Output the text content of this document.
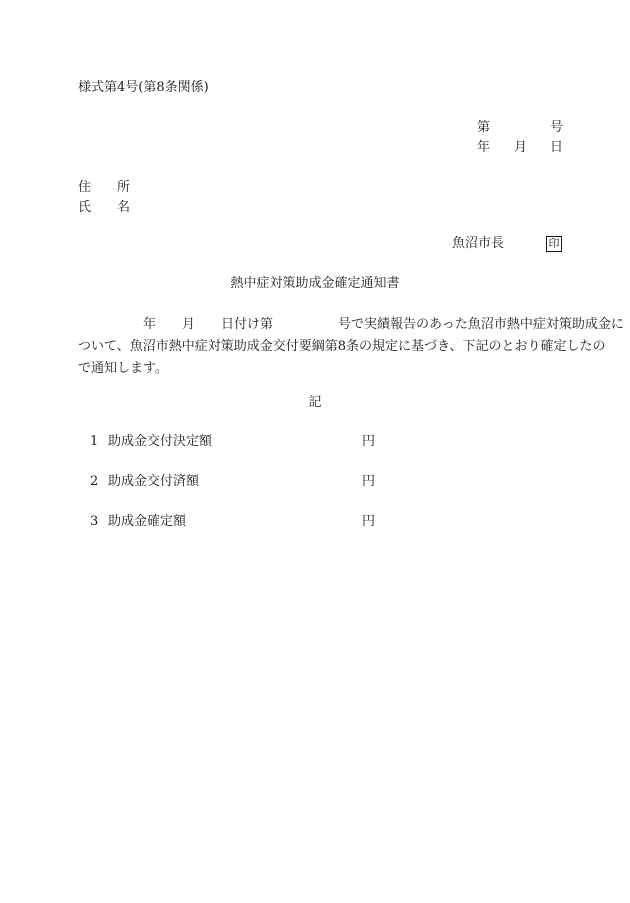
様式第4号(第8条関係)
第	号
年 月 日
住　　所
氏　　名
魚沼市長	印
熱中症対策助成金確定通知書
　　　　　年　　月　　日付け第　　　　　号で実績報告のあった魚沼市熱中症対策助成金に
ついて、魚沼市熱中症対策助成金交付要綱第8条の規定に基づき、下記のとおり確定したの
で通知します。
記
1 助成金交付決定額	円
2 助成金交付済額	円
3 助成金確定額	円
